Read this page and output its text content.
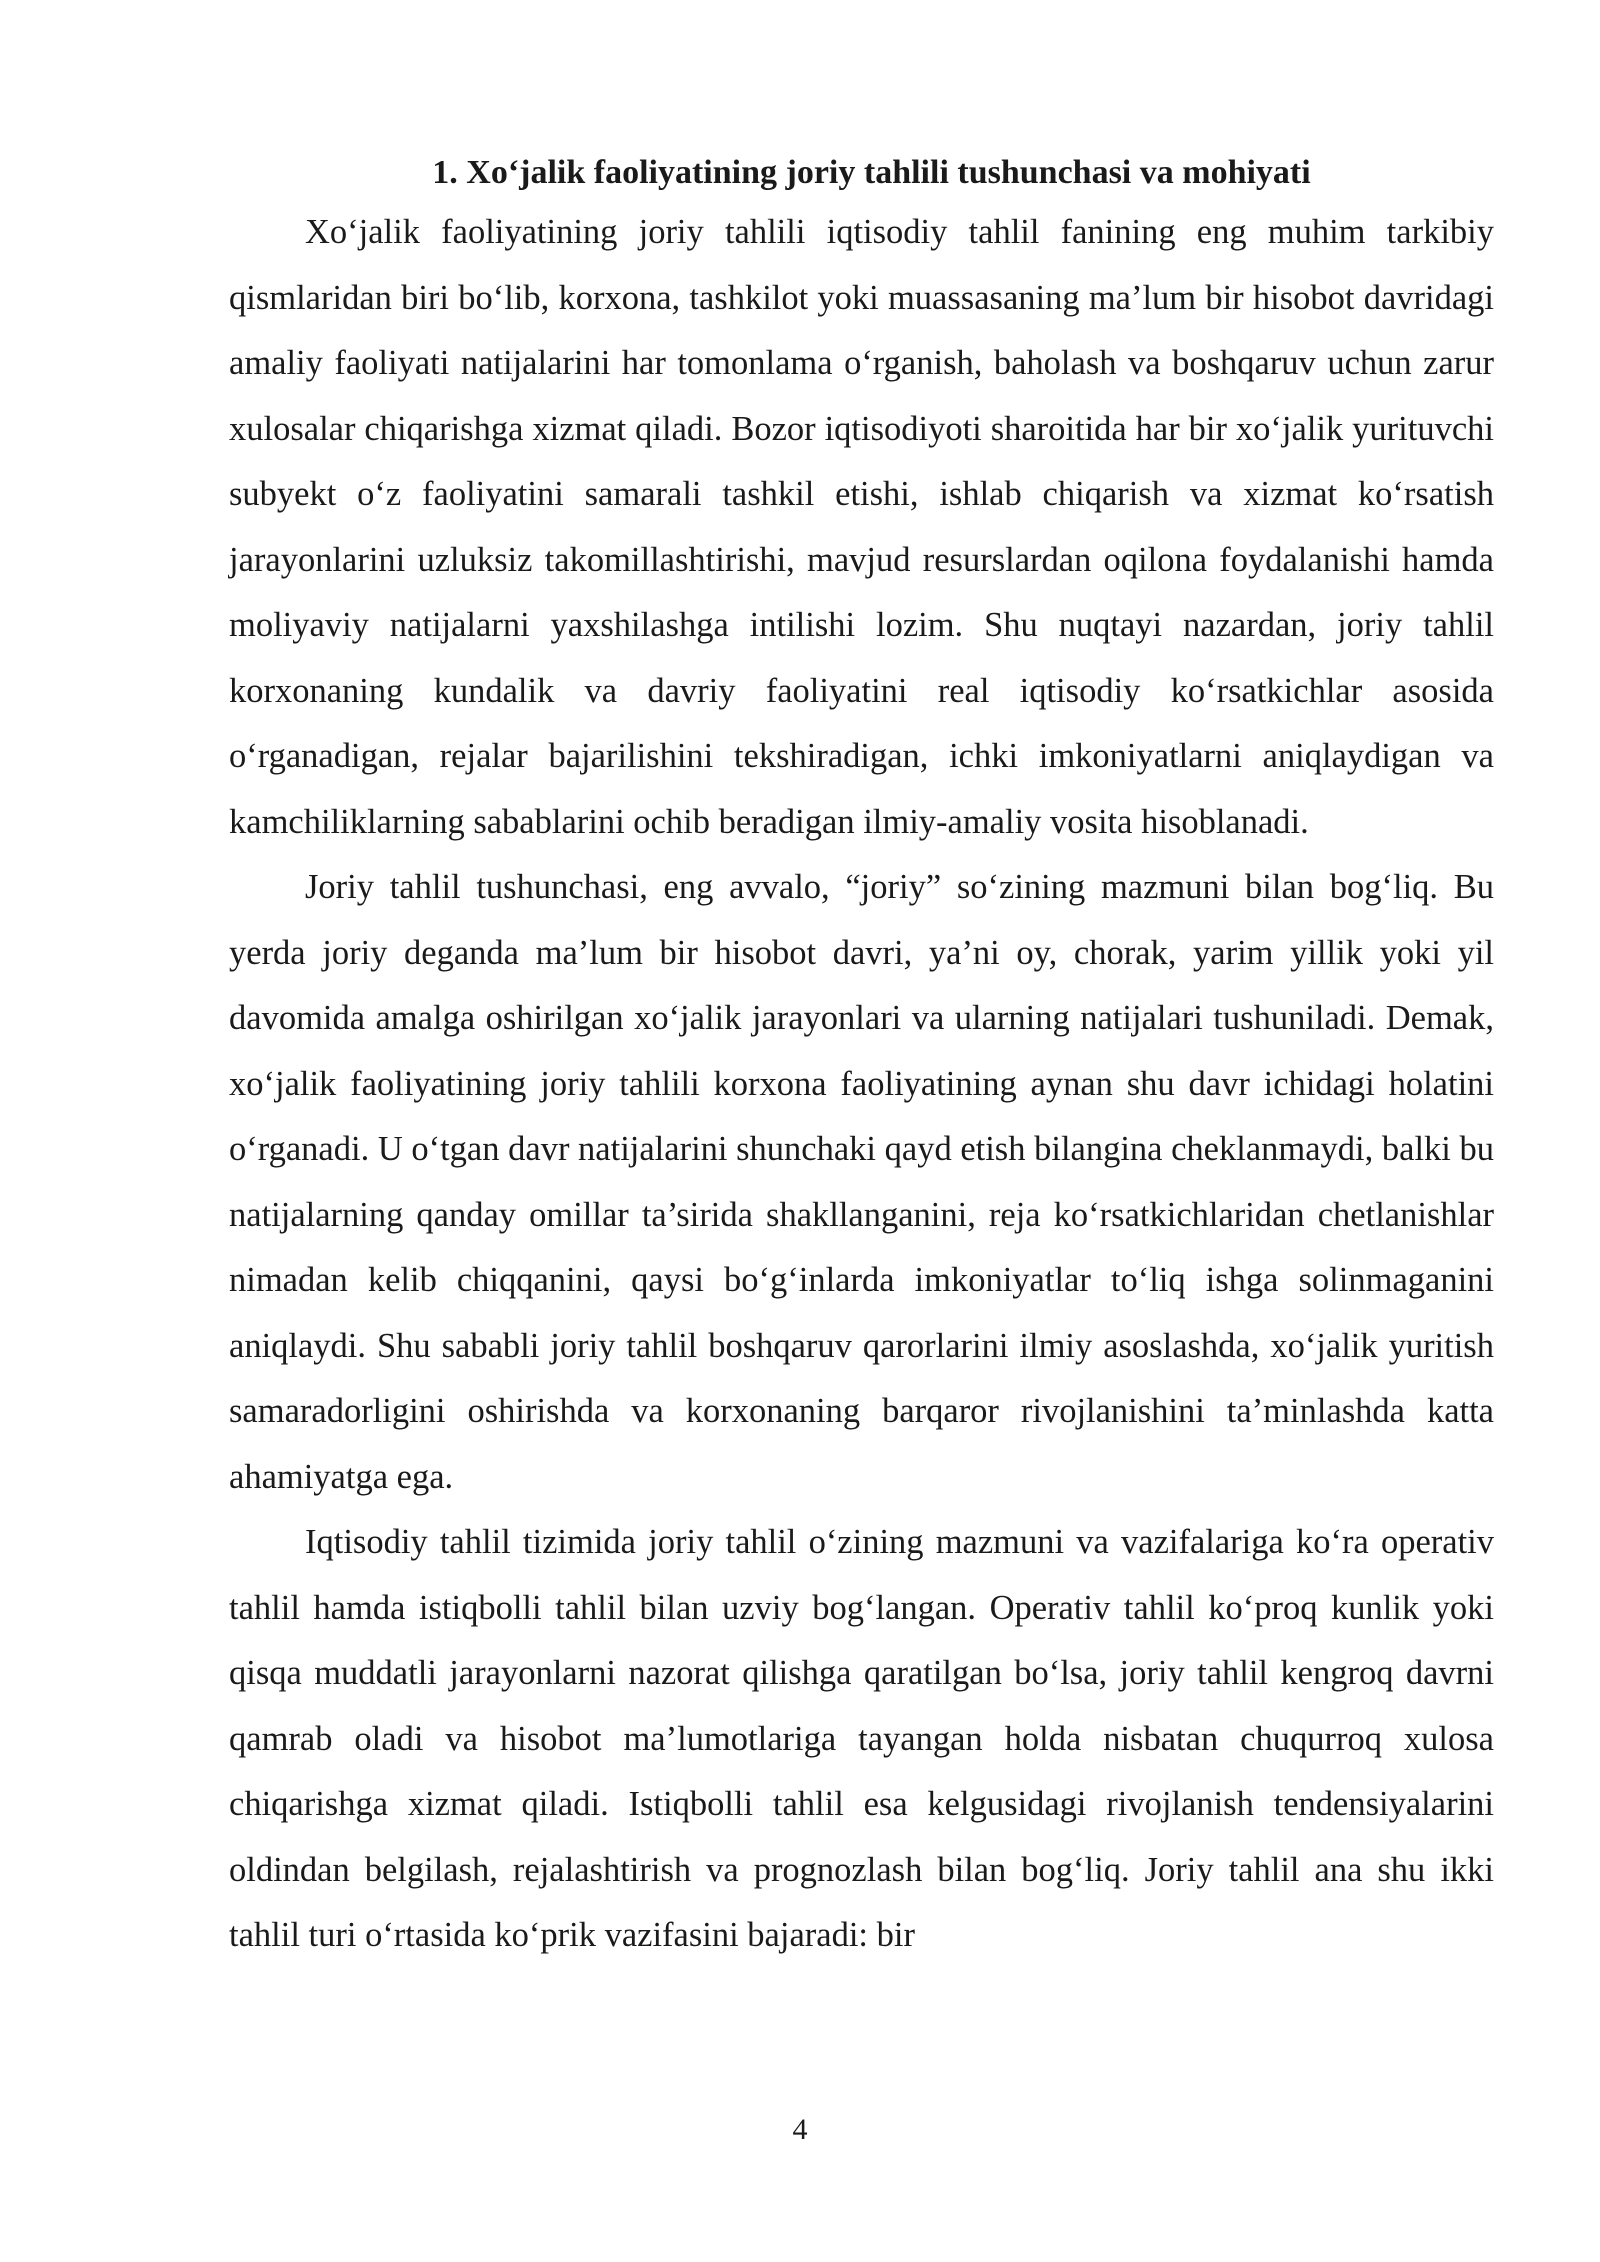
1. Xo‘jalik faoliyatining joriy tahlili tushunchasi va mohiyati

Xo‘jalik faoliyatining joriy tahlili iqtisodiy tahlil fanining eng muhim tarkibiy qismlaridan biri bo‘lib, korxona, tashkilot yoki muassasaning ma’lum bir hisobot davridagi amaliy faoliyati natijalarini har tomonlama o‘rganish, baholash va boshqaruv uchun zarur xulosalar chiqarishga xizmat qiladi. Bozor iqtisodiyoti sharoitida har bir xo‘jalik yurituvchi subyekt o‘z faoliyatini samarali tashkil etishi, ishlab chiqarish va xizmat ko‘rsatish jarayonlarini uzluksiz takomillashtirishi, mavjud resurslardan oqilona foydalanishi hamda moliyaviy natijalarni yaxshilashga intilishi lozim. Shu nuqtayi nazardan, joriy tahlil korxonaning kundalik va davriy faoliyatini real iqtisodiy ko‘rsatkichlar asosida o‘rganadigan, rejalar bajarilishini tekshiradigan, ichki imkoniyatlarni aniqlaydigan va kamchiliklarning sabablarini ochib beradigan ilmiy-amaliy vosita hisoblanadi.

Joriy tahlil tushunchasi, eng avvalo, “joriy” so‘zining mazmuni bilan bog‘liq. Bu yerda joriy deganda ma’lum bir hisobot davri, ya’ni oy, chorak, yarim yillik yoki yil davomida amalga oshirilgan xo‘jalik jarayonlari va ularning natijalari tushuniladi. Demak, xo‘jalik faoliyatining joriy tahlili korxona faoliyatining aynan shu davr ichidagi holatini o‘rganadi. U o‘tgan davr natijalarini shunchaki qayd etish bilangina cheklanmaydi, balki bu natijalarning qanday omillar ta’sirida shakllanganini, reja ko‘rsatkichlaridan chetlanishlar nimadan kelib chiqqanini, qaysi bo‘g‘inlarda imkoniyatlar to‘liq ishga solinmaganini aniqlaydi. Shu sababli joriy tahlil boshqaruv qarorlarini ilmiy asoslashda, xo‘jalik yuritish samaradorligini oshirishda va korxonaning barqaror rivojlanishini ta’minlashda katta ahamiyatga ega.

Iqtisodiy tahlil tizimida joriy tahlil o‘zining mazmuni va vazifalariga ko‘ra operativ tahlil hamda istiqbolli tahlil bilan uzviy bog‘langan. Operativ tahlil ko‘proq kunlik yoki qisqa muddatli jarayonlarni nazorat qilishga qaratilgan bo‘lsa, joriy tahlil kengroq davrni qamrab oladi va hisobot ma’lumotlariga tayangan holda nisbatan chuqurroq xulosa chiqarishga xizmat qiladi. Istiqbolli tahlil esa kelgusidagi rivojlanish tendensiyalarini oldindan belgilash, rejalashtirish va prognozlash bilan bog‘liq. Joriy tahlil ana shu ikki tahlil turi o‘rtasida ko‘prik vazifasini bajaradi: bir

4
